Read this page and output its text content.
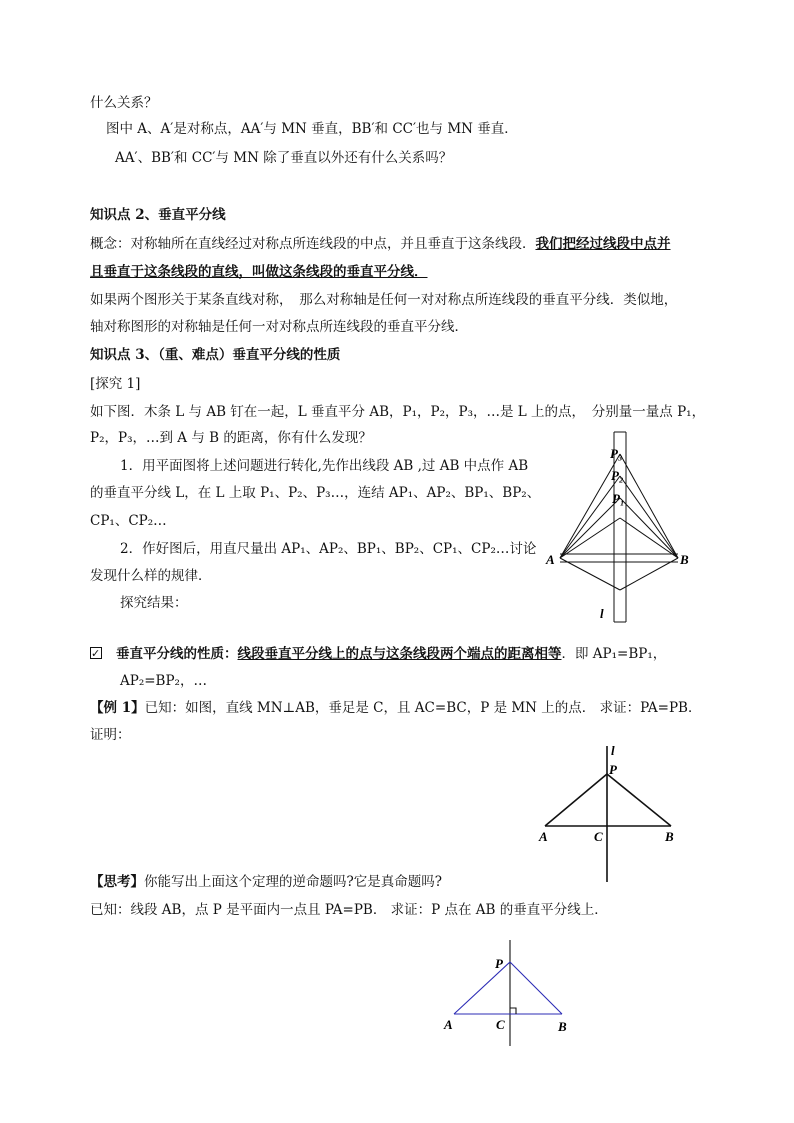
什么关系？
图中 A、A′是对称点，AA′与 MN 垂直，BB′和 CC′也与 MN 垂直．
AA′、BB′和 CC′与 MN 除了垂直以外还有什么关系吗？
知识点 2、垂直平分线
概念：对称轴所在直线经过对称点所连线段的中点，并且垂直于这条线段．我们把经过线段中点并
且垂直于这条线段的直线，叫做这条线段的垂直平分线．
如果两个图形关于某条直线对称，　那么对称轴是任何一对对称点所连线段的垂直平分线．类似地，
轴对称图形的对称轴是任何一对对称点所连线段的垂直平分线．
知识点 3、（重、难点）垂直平分线的性质
[探究 1]
如下图．木条 L 与 AB 钉在一起，L 垂直平分 AB，P₁，P₂，P₃，…是 L 上的点，　分别量一量点 P₁，
P₂，P₃，…到 A 与 B 的距离，你有什么发现？
1．用平面图将上述问题进行转化,先作出线段 AB ,过 AB 中点作 AB
的垂直平分线 L，在 L 上取 P₁、P₂、P₃…，连结 AP₁、AP₂、BP₁、BP₂、
CP₁、CP₂…
2．作好图后，用直尺量出 AP₁、AP₂、BP₁、BP₂、CP₁、CP₂…讨论
发现什么样的规律．
探究结果：
✓垂直平分线的性质：线段垂直平分线上的点与这条线段两个端点的距离相等．即 AP₁=BP₁，
AP₂=BP₂，…
【例 1】已知：如图，直线 MN⊥AB，垂足是 C，且 AC=BC，P 是 MN 上的点． 求证：PA=PB．
证明：
【思考】你能写出上面这个定理的逆命题吗?它是真命题吗?
已知：线段 AB，点 P 是平面内一点且 PA=PB． 求证：P 点在 AB 的垂直平分线上．
P₃
P₂
P₁
A	B
l
l
P
A	C	B
P
A	C	B
